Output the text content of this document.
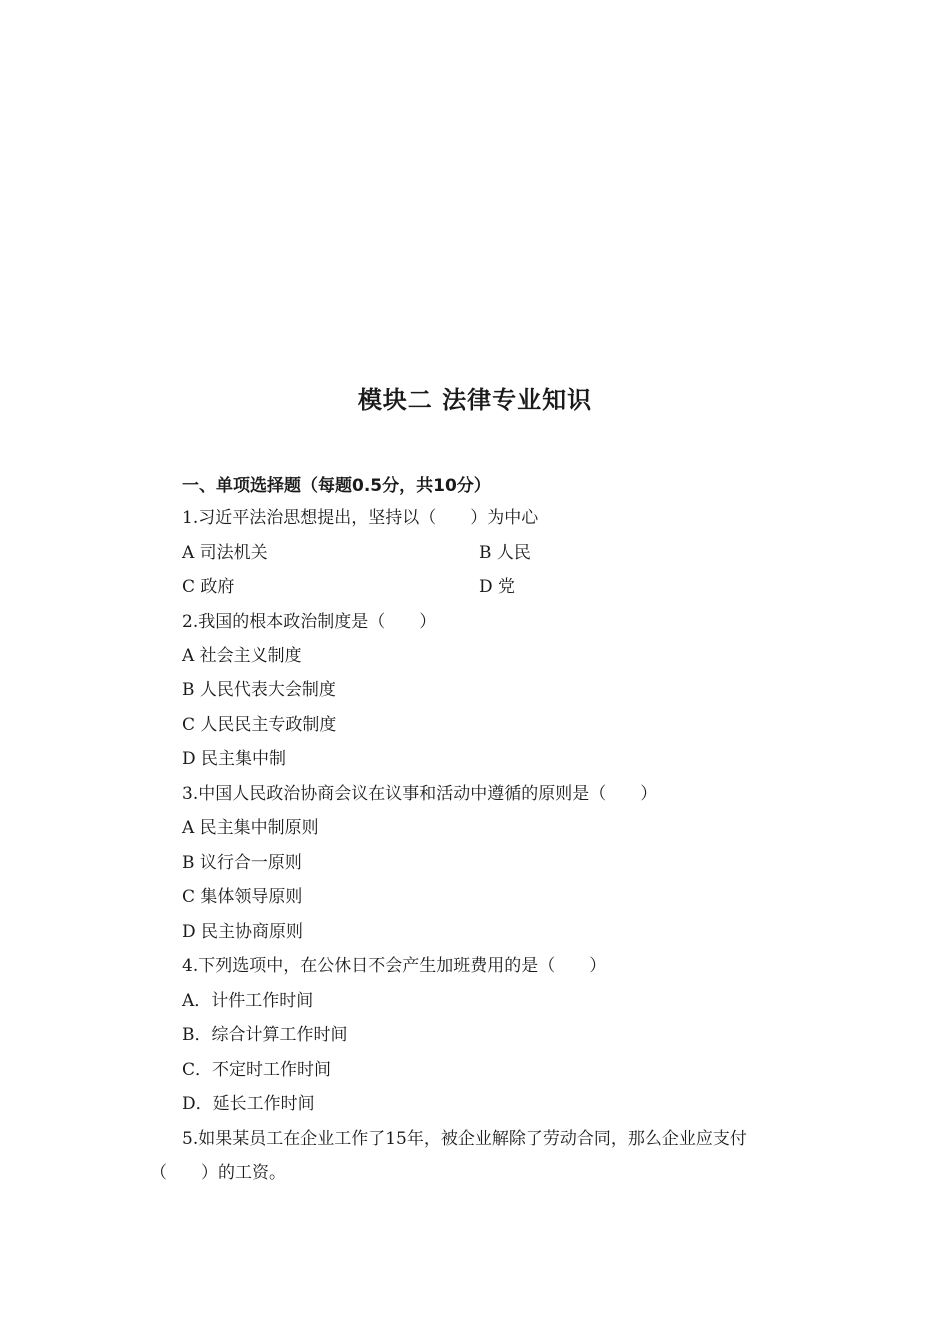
模块二 法律专业知识
一、单项选择题（每题0.5分，共10分）

1.习近平法治思想提出，坚持以（　　）为中心

A 司法机关	B 人民

C 政府	D 党

2.我国的根本政治制度是（　　）

A 社会主义制度

B 人民代表大会制度

C 人民民主专政制度

D 民主集中制

3.中国人民政治协商会议在议事和活动中遵循的原则是（　　）

A 民主集中制原则

B 议行合一原则

C 集体领导原则

D 民主协商原则

4.下列选项中，在公休日不会产生加班费用的是（　　）

A．计件工作时间

B．综合计算工作时间

C．不定时工作时间

D．延长工作时间

5.如果某员工在企业工作了15年，被企业解除了劳动合同，那么企业应支付

（　　）的工资。
